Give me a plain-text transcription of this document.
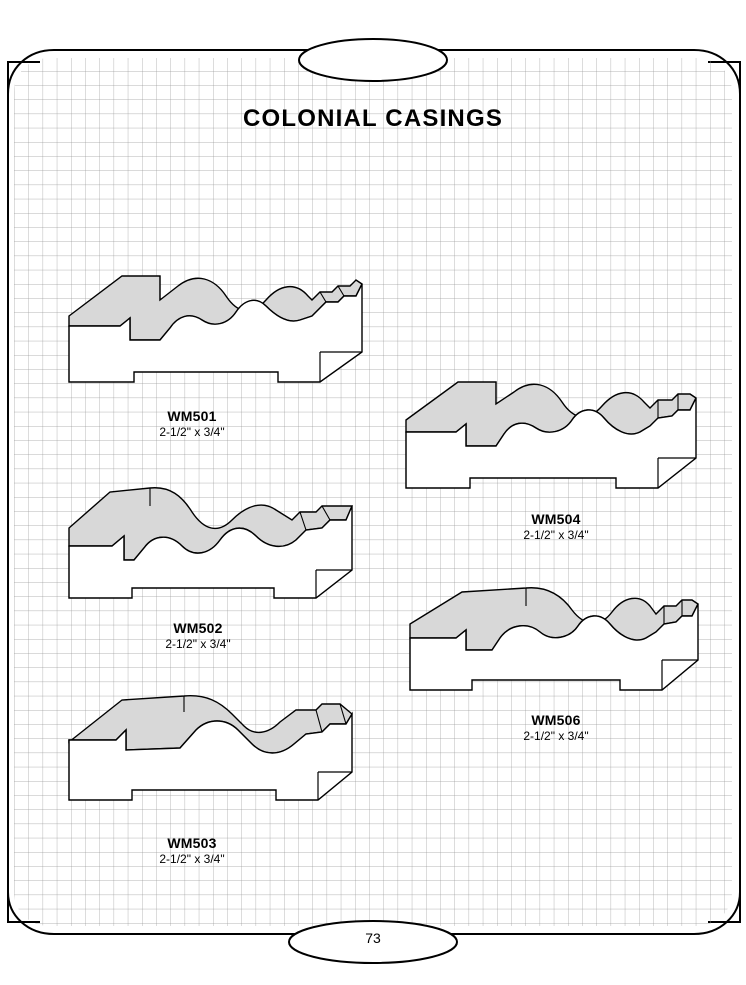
COLONIAL CASINGS
WM501
2-1/2" x 3/4"
WM502
2-1/2" x 3/4"
WM503
2-1/2" x 3/4"
WM504
2-1/2" x 3/4"
WM506
2-1/2" x 3/4"
73
